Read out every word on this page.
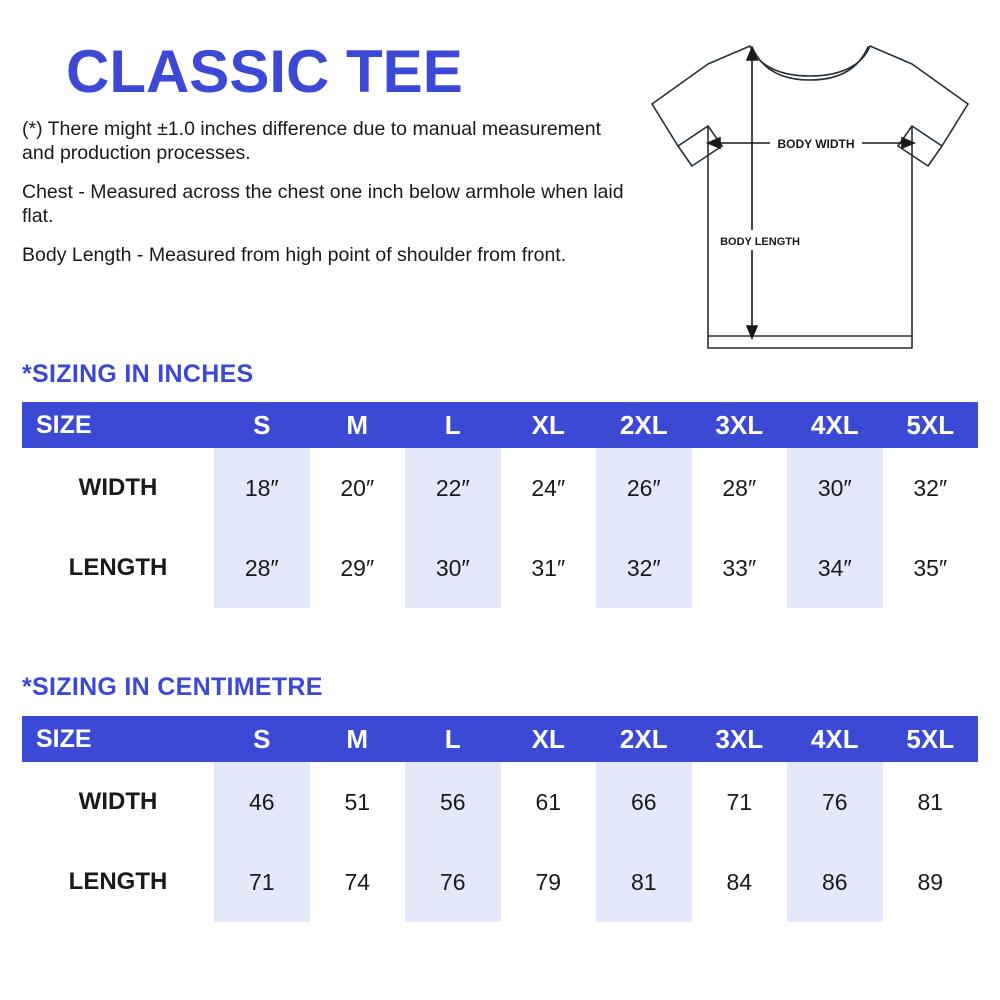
CLASSIC TEE

(*) There might ±1.0 inches difference due to manual measurement and production processes.

Chest - Measured across the chest one inch below armhole when laid flat.

Body Length - Measured from high point of shoulder from front.

BODY WIDTH
BODY LENGTH
*SIZING IN INCHES
SIZE	S	M	L	XL	2XL	3XL	4XL	5XL
WIDTH	18″	20″	22″	24″	26″	28″	30″	32″
LENGTH	28″	29″	30″	31″	32″	33″	34″	35″
*SIZING IN CENTIMETRE
SIZE	S	M	L	XL	2XL	3XL	4XL	5XL
WIDTH	46	51	56	61	66	71	76	81
LENGTH	71	74	76	79	81	84	86	89
